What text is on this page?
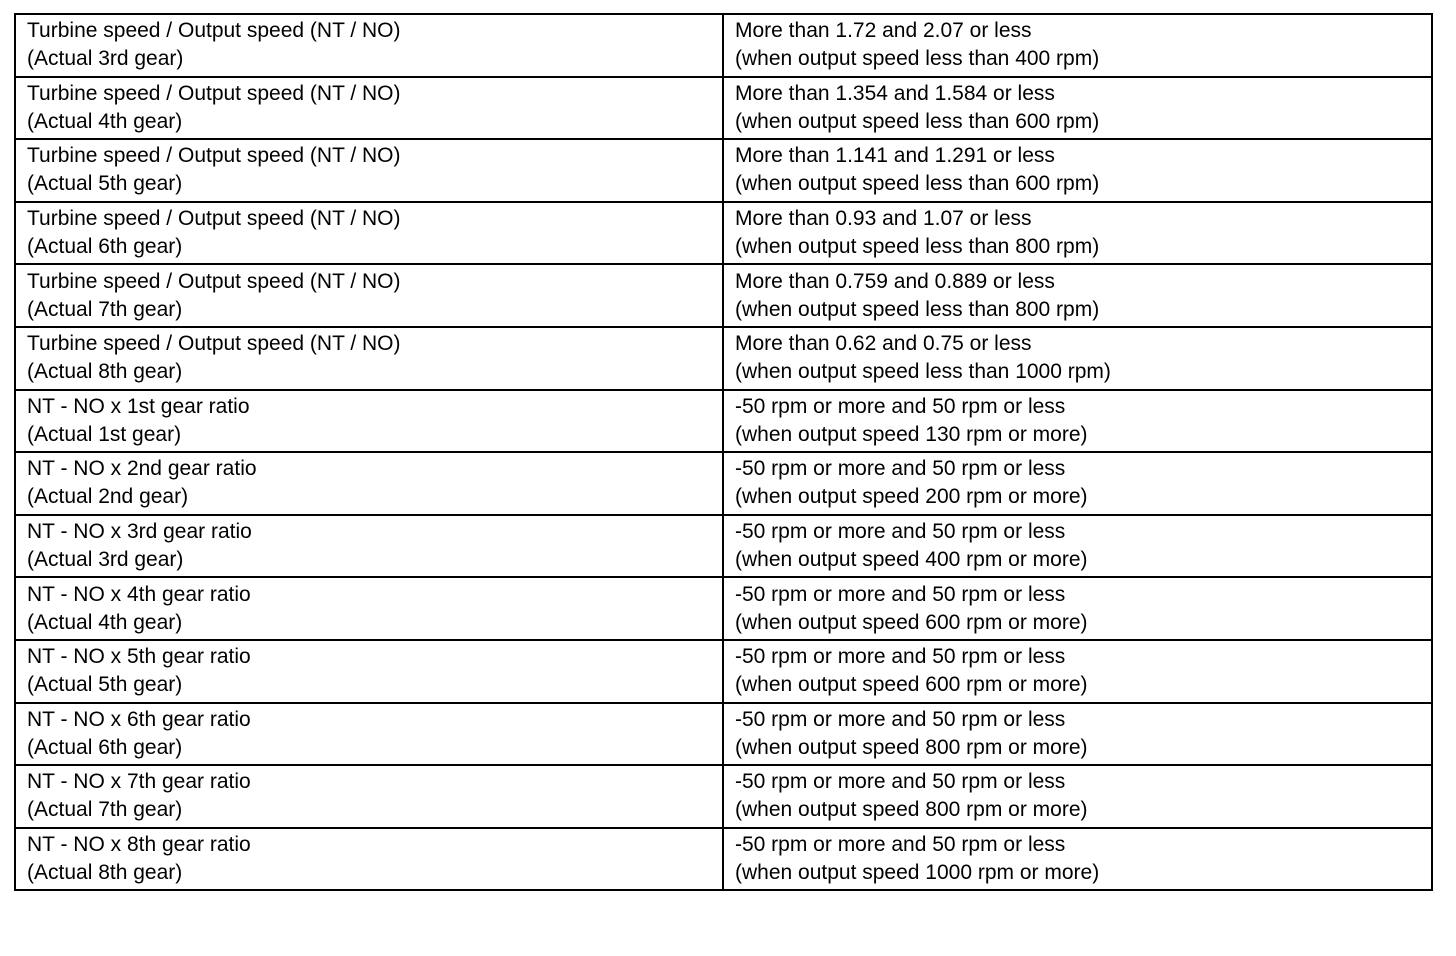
Turbine speed / Output speed (NT / NO)
(Actual 3rd gear)	More than 1.72 and 2.07 or less
(when output speed less than 400 rpm)

Turbine speed / Output speed (NT / NO)
(Actual 4th gear)	More than 1.354 and 1.584 or less
(when output speed less than 600 rpm)

Turbine speed / Output speed (NT / NO)
(Actual 5th gear)	More than 1.141 and 1.291 or less
(when output speed less than 600 rpm)

Turbine speed / Output speed (NT / NO)
(Actual 6th gear)	More than 0.93 and 1.07 or less
(when output speed less than 800 rpm)

Turbine speed / Output speed (NT / NO)
(Actual 7th gear)	More than 0.759 and 0.889 or less
(when output speed less than 800 rpm)

Turbine speed / Output speed (NT / NO)
(Actual 8th gear)	More than 0.62 and 0.75 or less
(when output speed less than 1000 rpm)

NT - NO x 1st gear ratio
(Actual 1st gear)	-50 rpm or more and 50 rpm or less
(when output speed 130 rpm or more)

NT - NO x 2nd gear ratio
(Actual 2nd gear)	-50 rpm or more and 50 rpm or less
(when output speed 200 rpm or more)

NT - NO x 3rd gear ratio
(Actual 3rd gear)	-50 rpm or more and 50 rpm or less
(when output speed 400 rpm or more)

NT - NO x 4th gear ratio
(Actual 4th gear)	-50 rpm or more and 50 rpm or less
(when output speed 600 rpm or more)

NT - NO x 5th gear ratio
(Actual 5th gear)	-50 rpm or more and 50 rpm or less
(when output speed 600 rpm or more)

NT - NO x 6th gear ratio
(Actual 6th gear)	-50 rpm or more and 50 rpm or less
(when output speed 800 rpm or more)

NT - NO x 7th gear ratio
(Actual 7th gear)	-50 rpm or more and 50 rpm or less
(when output speed 800 rpm or more)

NT - NO x 8th gear ratio
(Actual 8th gear)	-50 rpm or more and 50 rpm or less
(when output speed 1000 rpm or more)
